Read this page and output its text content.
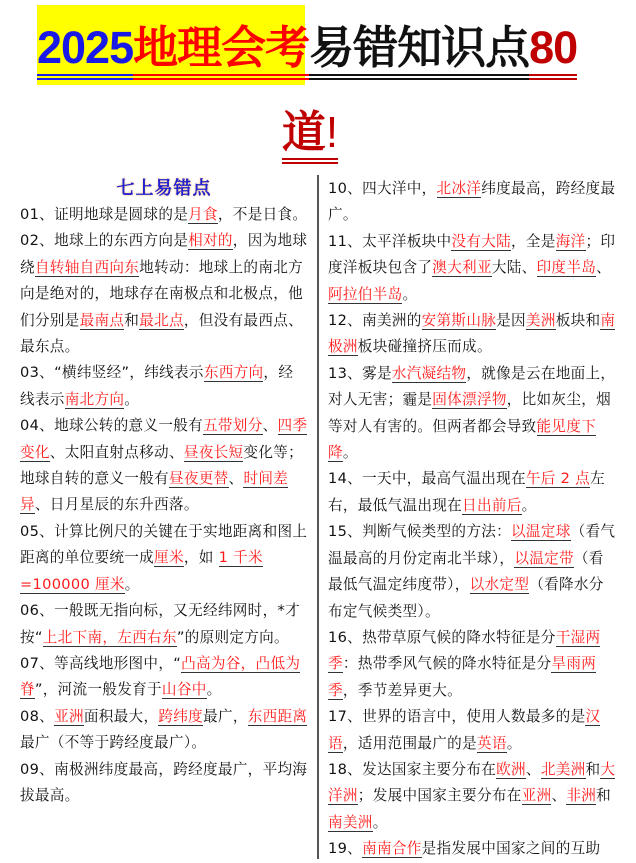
2025地理会考易错知识点80
道!
七上易错点

01、证明地球是圆球的是月食，不是日食。

02、地球上的东西方向是相对的，因为地球绕自转轴自西向东地转动：地球上的南北方向是绝对的，地球存在南极点和北极点，他们分别是最南点和最北点，但没有最西点、最东点。

03、“横纬竖经”，纬线表示东西方向，经线表示南北方向。

04、地球公转的意义一般有五带划分、四季变化、太阳直射点移动、昼夜长短变化等；地球自转的意义一般有昼夜更替、时间差异、日月星辰的东升西落。

05、计算比例尺的关键在于实地距离和图上距离的单位要统一成厘米，如 1 千米=100000 厘米。

06、一般既无指向标，又无经纬网时，*才按“上北下南，左西右东”的原则定方向。

07、等高线地形图中，“凸高为谷，凸低为脊”，河流一般发育于山谷中。

08、亚洲面积最大，跨纬度最广，东西距离最广（不等于跨经度最广）。

09、南极洲纬度最高，跨经度最广，平均海拔最高。

10、四大洋中，北冰洋纬度最高，跨经度最广。

11、太平洋板块中没有大陆，全是海洋；印度洋板块包含了澳大利亚大陆、印度半岛、阿拉伯半岛。

12、南美洲的安第斯山脉是因美洲板块和南极洲板块碰撞挤压而成。

13、雾是水汽凝结物，就像是云在地面上，对人无害；霾是固体漂浮物，比如灰尘，烟等对人有害的。但两者都会导致能见度下降。

14、一天中，最高气温出现在午后 2 点左右，最低气温出现在日出前后。

15、判断气候类型的方法：以温定球（看气温最高的月份定南北半球），以温定带（看最低气温定纬度带），以水定型（看降水分布定气候类型）。

16、热带草原气候的降水特征是分干湿两季：热带季风气候的降水特征是分旱雨两季，季节差异更大。

17、世界的语言中，使用人数最多的是汉语，适用范围最广的是英语。

18、发达国家主要分布在欧洲、北美洲和大洋洲；发展中国家主要分布在亚洲、非洲和南美洲。

19、南南合作是指发展中国家之间的互助
